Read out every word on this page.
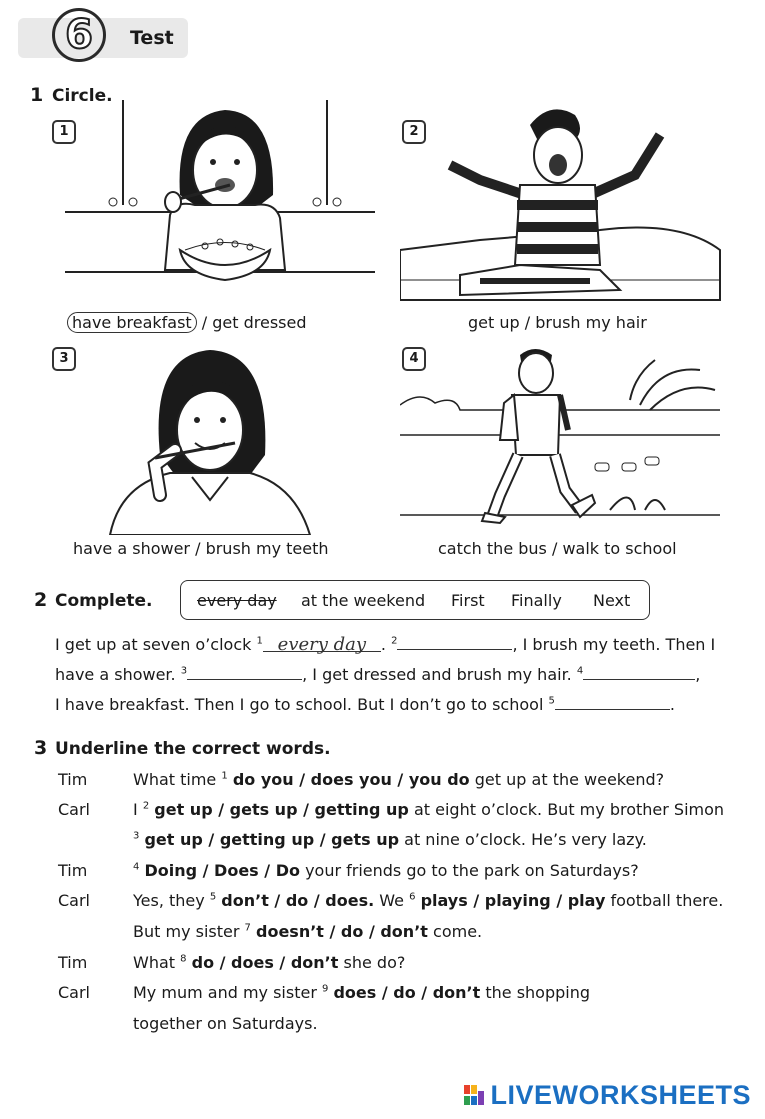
6	Test
1 Circle.
1	2
have breakfast / get dressed	get up / brush my hair
3	4
have a shower / brush my teeth	catch the bus / walk to school
2 Complete.	every day at the weekend First Finally Next
I get up at seven o’clock $^1$ every day . $^2$	, I brush my teeth. Then I
have a shower. $^3$	, I get dressed and brush my hair. $^4$	,
I have breakfast. Then I go to school. But I don’t go to school $^5$	.
3 Underline the correct words.
Tim	What time $^1$ do you / does you / you do get up at the weekend?
Carl	I $^2$ get up / gets up / getting up at eight o’clock. But my brother Simon
$^3$ get up / getting up / gets up at nine o’clock. He’s very lazy.
Tim	$^4$ Doing / Does / Do your friends go to the park on Saturdays?
Carl	Yes, they $^5$ don’t / do / does. We $^6$ plays / playing / play football there.
But my sister $^7$ doesn’t / do / don’t come.
Tim	What $^8$ do / does / don’t she do?
Carl	My mum and my sister $^9$ does / do / don’t the shopping
together on Saturdays.
LIVEWORKSHEETS
